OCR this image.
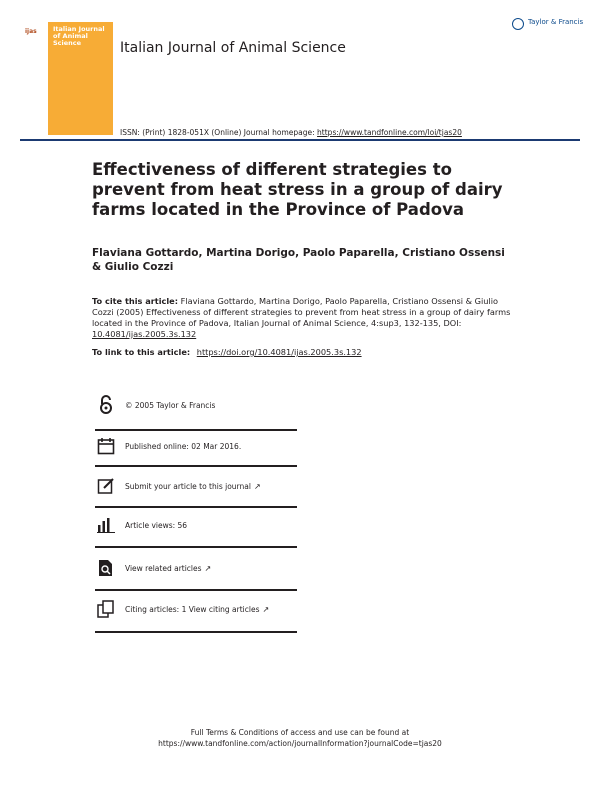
ijas	Italian Journal of Animal Science	Italian Journal of Animal Science
Taylor & Francis
ISSN: (Print) 1828-051X (Online) Journal homepage: https://www.tandfonline.com/loi/tjas20
Effectiveness of different strategies to prevent from heat stress in a group of dairy farms located in the Province of Padova
Flaviana Gottardo, Martina Dorigo, Paolo Paparella, Cristiano Ossensi & Giulio Cozzi
To cite this article: Flaviana Gottardo, Martina Dorigo, Paolo Paparella, Cristiano Ossensi & Giulio Cozzi (2005) Effectiveness of different strategies to prevent from heat stress in a group of dairy farms located in the Province of Padova, Italian Journal of Animal Science, 4:sup3, 132-135, DOI: 10.4081/ijas.2005.3s.132
To link to this article: https://doi.org/10.4081/ijas.2005.3s.132
© 2005 Taylor & Francis
Published online: 02 Mar 2016.
Submit your article to this journal ↗
Article views: 56
View related articles ↗
Citing articles: 1 View citing articles ↗
Full Terms & Conditions of access and use can be found at
https://www.tandfonline.com/action/journalInformation?journalCode=tjas20
